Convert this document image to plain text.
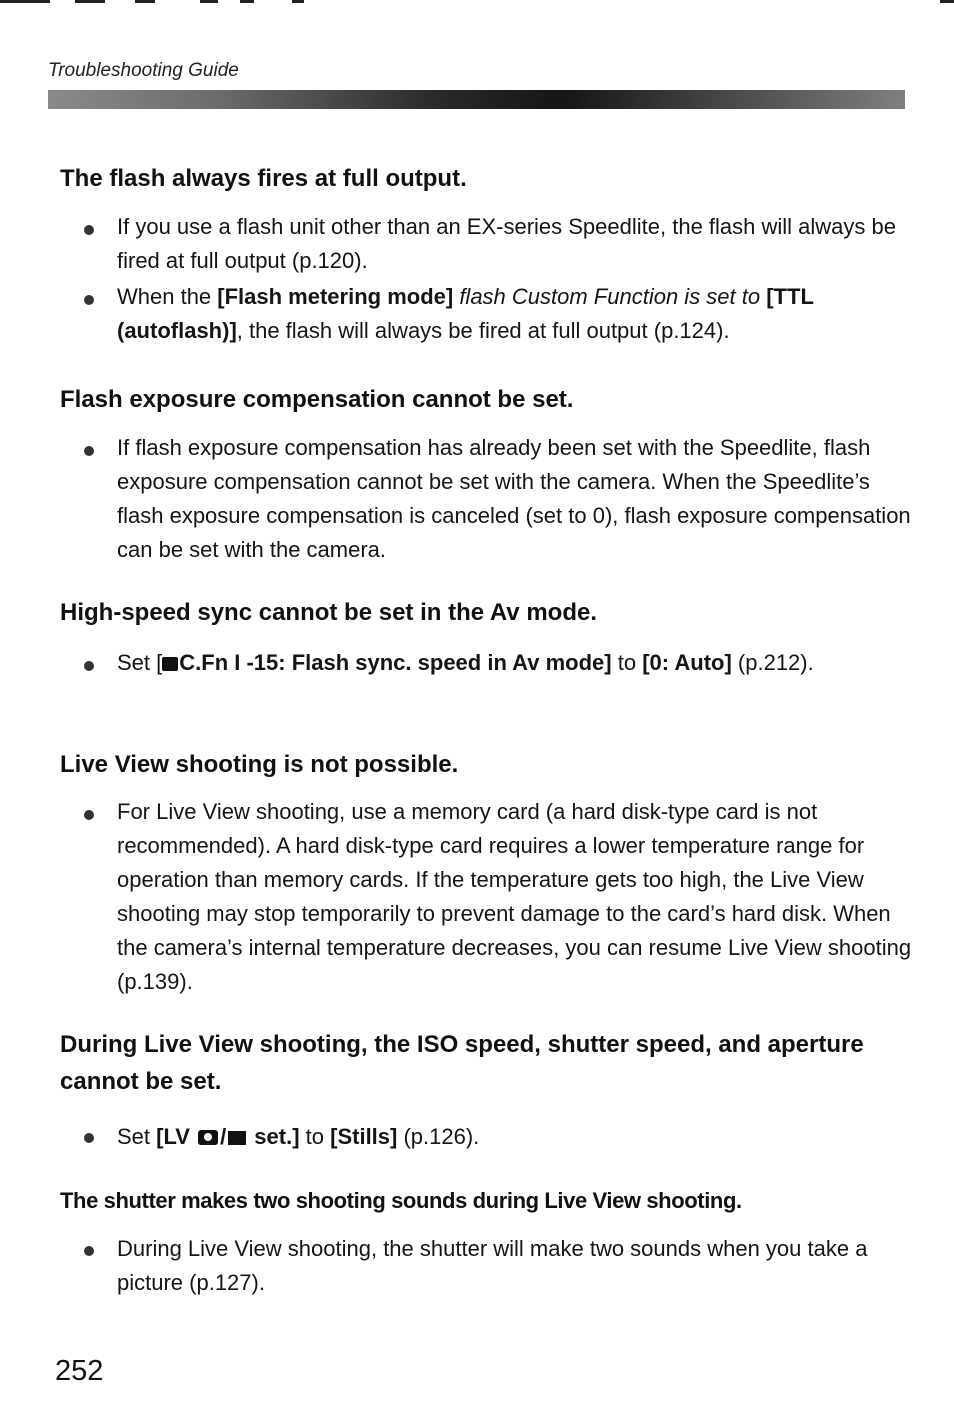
Troubleshooting Guide
The flash always fires at full output.
If you use a flash unit other than an EX-series Speedlite, the flash will always be fired at full output (p.120).
When the [Flash metering mode] flash Custom Function is set to [TTL (autoflash)], the flash will always be fired at full output (p.124).
Flash exposure compensation cannot be set.
If flash exposure compensation has already been set with the Speedlite, flash exposure compensation cannot be set with the camera. When the Speedlite’s flash exposure compensation is canceled (set to 0), flash exposure compensation can be set with the camera.
High-speed sync cannot be set in the Av mode.
Set [ C.Fn I -15: Flash sync. speed in Av mode] to [0: Auto] (p.212).
Live View shooting is not possible.
For Live View shooting, use a memory card (a hard disk-type card is not recommended). A hard disk-type card requires a lower temperature range for operation than memory cards. If the temperature gets too high, the Live View shooting may stop temporarily to prevent damage to the card’s hard disk. When the camera’s internal temperature decreases, you can resume Live View shooting (p.139).
During Live View shooting, the ISO speed, shutter speed, and aperture cannot be set.
Set [LV / set.] to [Stills] (p.126).
The shutter makes two shooting sounds during Live View shooting.
During Live View shooting, the shutter will make two sounds when you take a picture (p.127).
252
